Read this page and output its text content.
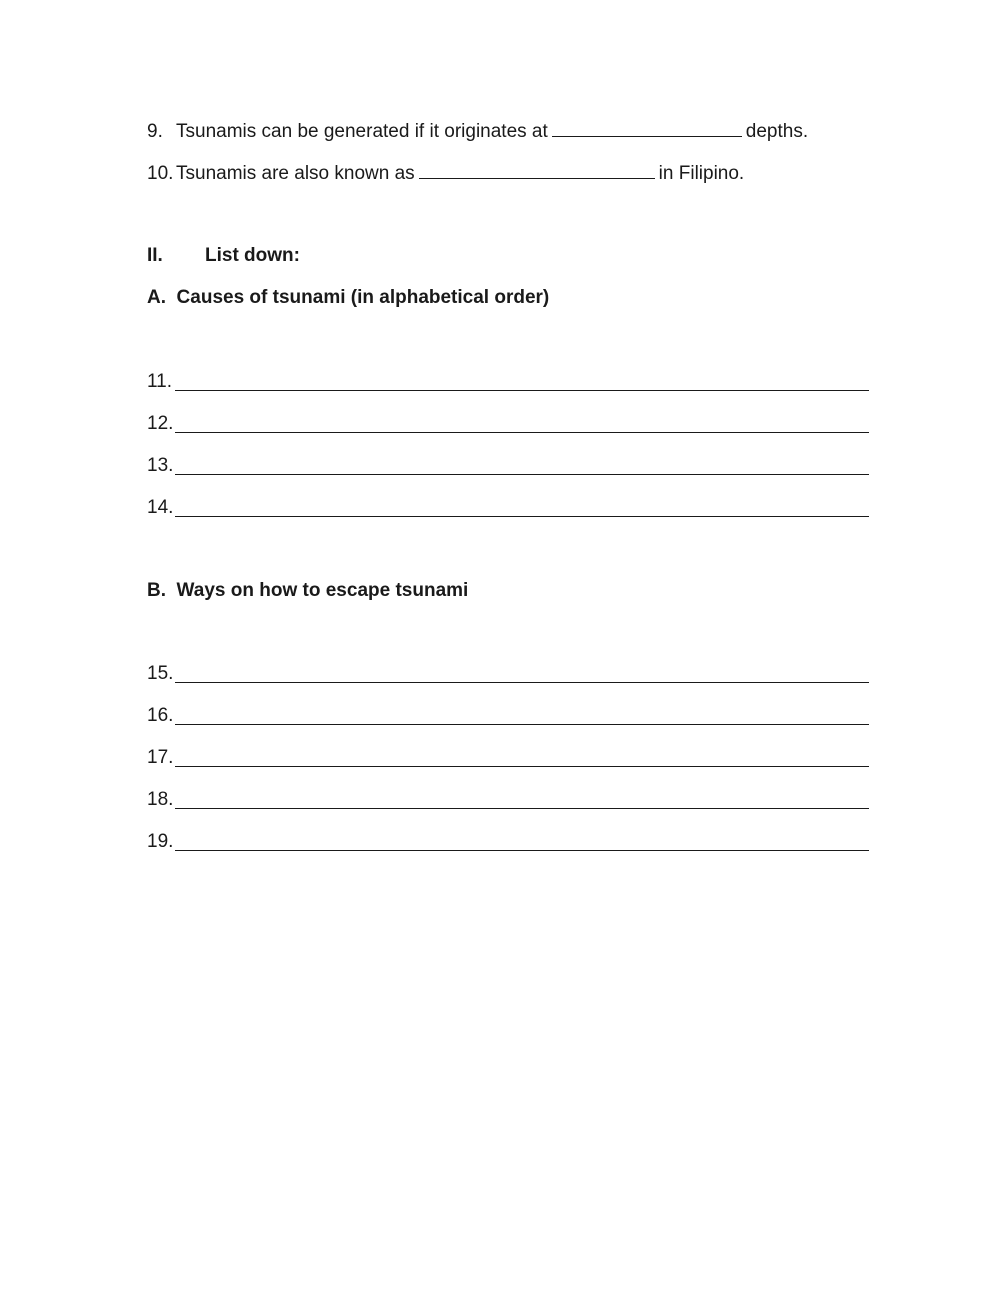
9. Tsunamis can be generated if it originates at	depths.
10. Tsunamis are also known as	in Filipino.
II. List down:
A.  Causes of tsunami (in alphabetical order)
11.
12.
13.
14.
B.  Ways on how to escape tsunami
15.
16.
17.
18.
19.
